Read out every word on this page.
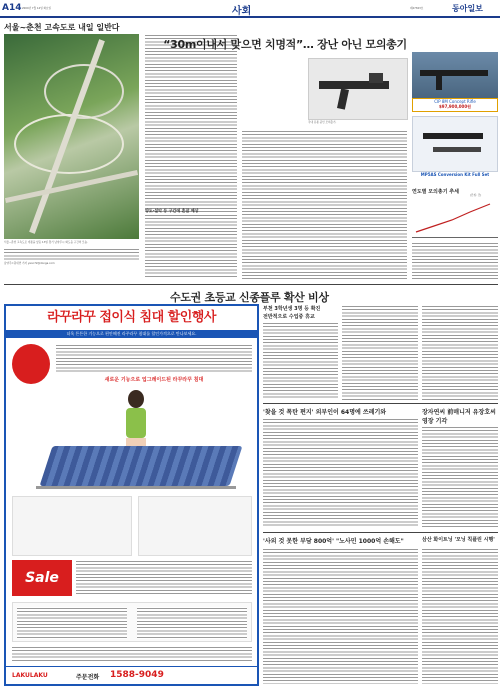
A14 2009년 7월 14일 화요일	사회	제27363호	동아일보
서울∼춘천 고속도로 내일 일반다
서울∼춘천 고속도로 개통을 앞둔 13일 경기 남양주시 화도읍 구간의 모습.
남양주=원대연 기자 yeon72@donga.com
양도·설악 등 구간에 혼잡 예상
“30m이내서 맞으면 치명적”… 장난 아닌 모의총기
국내 유통 중인 모의총기.
CIP 8M Concept Rifle
$97,900,000원
MP5AS Conversion Kit Full Set
연도별 모의총기 추세
(단위: 건)
수도권 초등교 신종플루 확산 비상
라꾸라꾸 접이식 침대 할인행사
더욱 튼튼한 기능으로 편안해진 라꾸라꾸 침대를 할인가격으로 만나보세요.
새로운 기능으로 업그레이드된 라꾸라꾸 침대
Sale
LAKULAKU	주문전화 1588-9049
부천 3학년생 3명 등 확진
전반적으로 수업중 휴교
'찾을 것 폭탄 편지' 외부인이 64명에 쓰레기와	장자연씨 前매니저 유장호씨 영장 기각
'사외 것 못한 부담 800억' "노사민 1000억 손해도"	삼산 화이트닝 '모닝 칙플린 시행'
